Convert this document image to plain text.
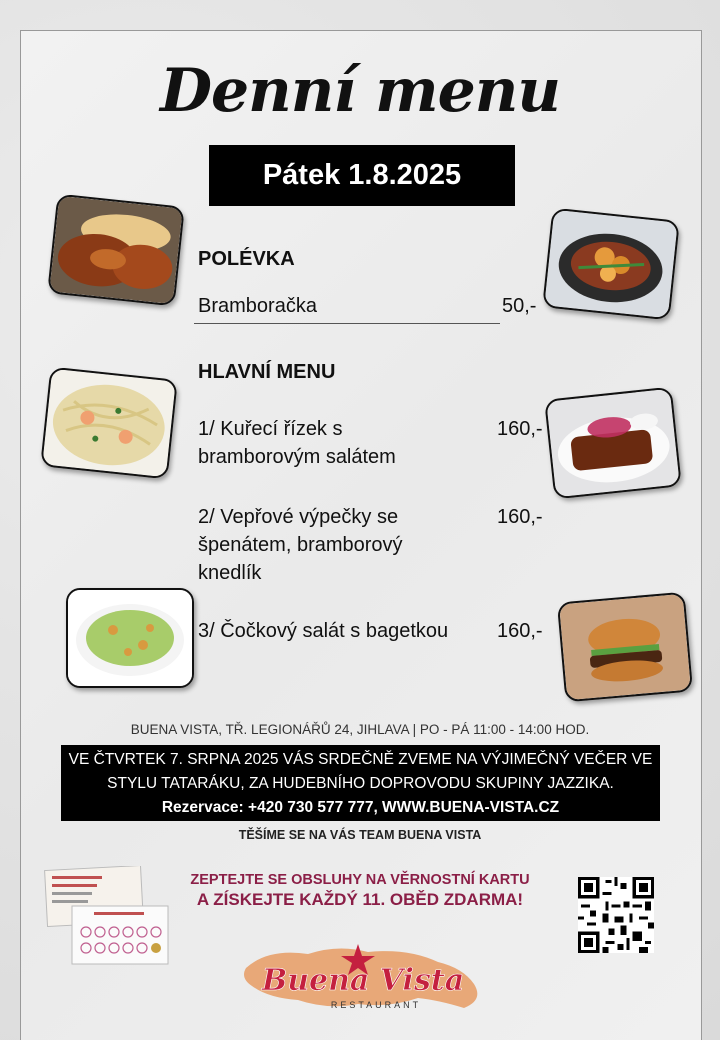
Denní menu
Pátek 1.8.2025
POLÉVKA
Bramboračka	50,-
HLAVNÍ MENU
1/ Kuřecí řízek s
bramborovým salátem
160,-
2/ Vepřové výpečky se
špenátem, bramborový
knedlík
160,-
3/ Čočkový salát s bagetkou 160,-
BUENA VISTA, TŘ. LEGIONÁŘŮ 24, JIHLAVA | PO - PÁ 11:00 - 14:00 HOD.
VE ČTVRTEK 7. SRPNA 2025 VÁS SRDEČNĚ ZVEME NA VÝJIMEČNÝ VEČER VE
STYLU TATARÁKU, ZA HUDEBNÍHO DOPROVODU SKUPINY JAZZIKA.
Rezervace: +420 730 577 777, WWW.BUENA-VISTA.CZ
TĚŠÍME SE NA VÁS TEAM BUENA VISTA
ZEPTEJTE SE OBSLUHY NA VĚRNOSTNÍ KARTU
A ZÍSKEJTE KAŽDÝ 11. OBĚD ZDARMA!
Buena Vista
RESTAURANT
